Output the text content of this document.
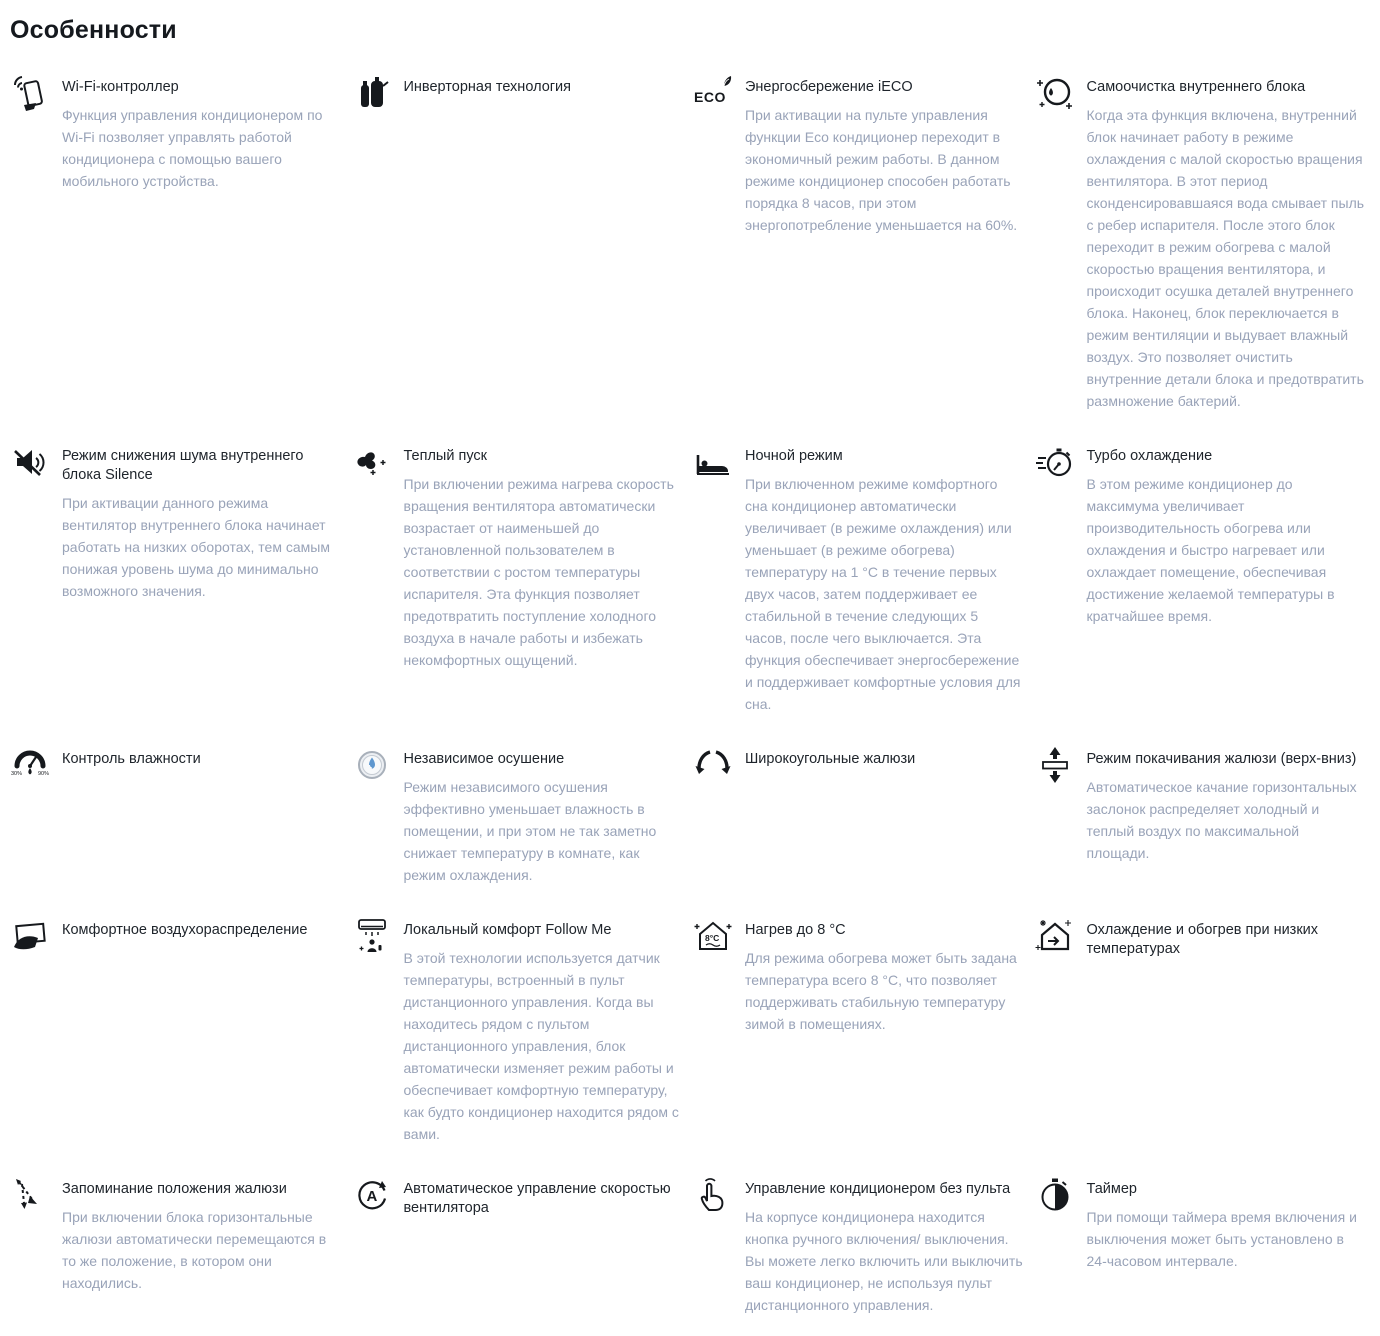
Особенности
Wi-Fi-контроллер
Функция управления кондиционером по Wi-Fi позволяет управлять работой кондиционера с помощью вашего мобильного устройства.
Инверторная технология
ECO
Энергосбережение iECO
При активации на пульте управления функции Eco кондиционер переходит в экономичный режим работы. В данном режиме кондиционер способен работать порядка 8 часов, при этом энергопотребление уменьшается на 60%.
Самоочистка внутреннего блока
Когда эта функция включена, внутренний блок начинает работу в режиме охлаждения с малой скоростью вращения вентилятора. В этот период сконденсировавшаяся вода смывает пыль с ребер испарителя. После этого блок переходит в режим обогрева с малой скоростью вращения вентилятора, и происходит осушка деталей внутреннего блока. Наконец, блок переключается в режим вентиляции и выдувает влажный воздух. Это позволяет очистить внутренние детали блока и предотвратить размножение бактерий.
Режим снижения шума внутреннего блока Silence
При активации данного режима вентилятор внутреннего блока начинает работать на низких оборотах, тем самым понижая уровень шума до минимально возможного значения.
Теплый пуск
При включении режима нагрева скорость вращения вентилятора автоматически возрастает от наименьшей до установленной пользователем в соответствии с ростом температуры испарителя. Эта функция позволяет предотвратить поступление холодного воздуха в начале работы и избежать некомфортных ощущений.
Ночной режим
При включенном режиме комфортного сна кондиционер автоматически увеличивает (в режиме охлаждения) или уменьшает (в режиме обогрева) температуру на 1 °C в течение первых двух часов, затем поддерживает ее стабильной в течение следующих 5 часов, после чего выключается. Эта функция обеспечивает энергосбережение и поддерживает комфортные условия для сна.
Турбо охлаждение
В этом режиме кондиционер до максимума увеличивает производительность обогрева или охлаждения и быстро нагревает или охлаждает помещение, обеспечивая достижение желаемой температуры в кратчайшее время.
30%	90%
Контроль влажности	Независимое осушение
Режим независимого осушения эффективно уменьшает влажность в помещении, и при этом не так заметно снижает температуру в комнате, как режим охлаждения.
Широкоугольные жалюзи	Режим покачивания жалюзи (верх-вниз)
Автоматическое качание горизонтальных заслонок распределяет холодный и теплый воздух по максимальной площади.
Комфортное воздухораспределение	Локальный комфорт Follow Me
В этой технологии используется датчик температуры, встроенный в пульт дистанционного управления. Когда вы находитесь рядом с пультом дистанционного управления, блок автоматически изменяет режим работы и обеспечивает комфортную температуру, как будто кондиционер находится рядом с вами.
8°C Нагрев до 8 °C
Для режима обогрева может быть задана температура всего 8 °C, что позволяет поддерживать стабильную температуру зимой в помещениях.
Охлаждение и обогрев при низких температурах
Запоминание положения жалюзи
При включении блока горизонтальные жалюзи автоматически перемещаются в то же положение, в котором они находились.
A Автоматическое управление скоростью вентилятора
Управление кондиционером без пульта
На корпусе кондиционера находится кнопка ручного включения/ выключения. Вы можете легко включить или выключить ваш кондиционер, не используя пульт дистанционного управления.
Таймер
При помощи таймера время включения и выключения может быть установлено в 24-часовом интервале.
